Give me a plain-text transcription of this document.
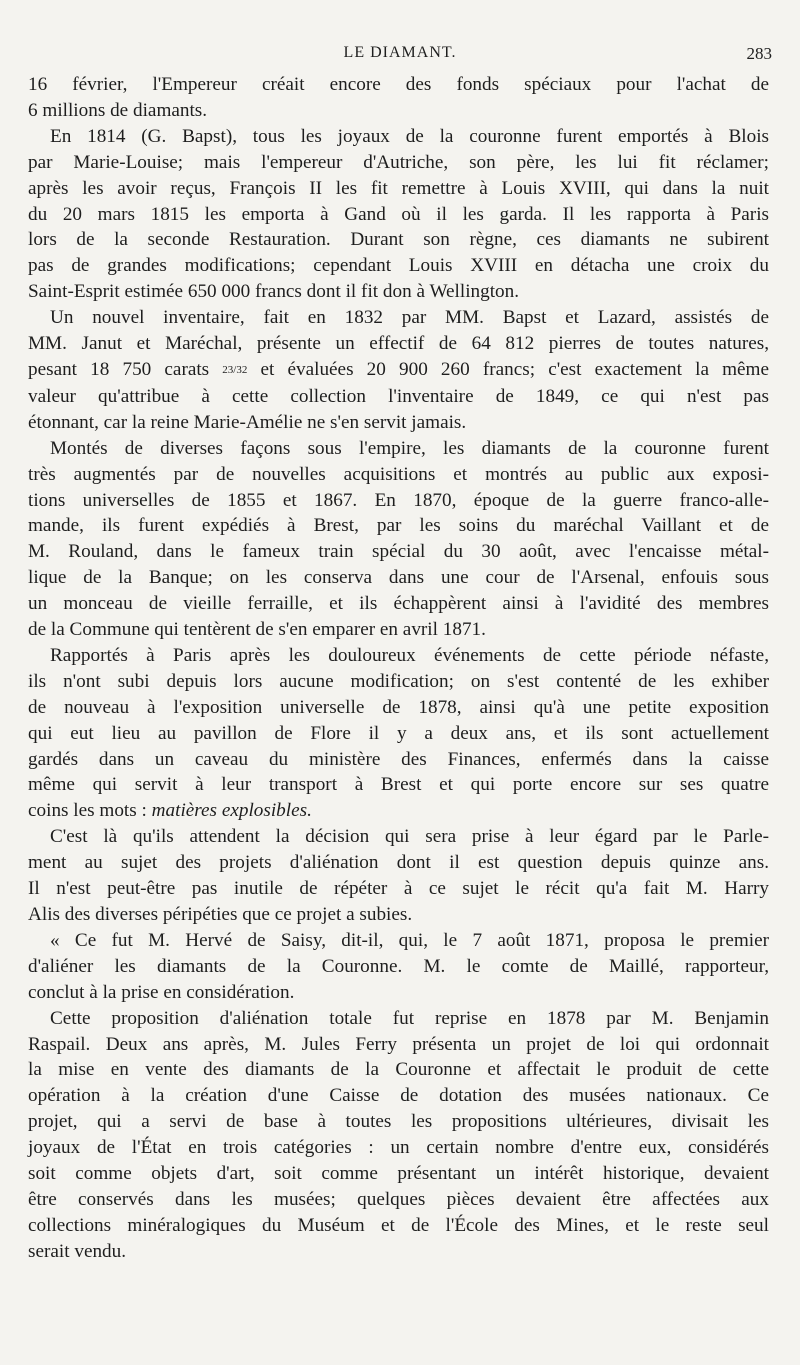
LE DIAMANT.	283
16 février, l'Empereur créait encore des fonds spéciaux pour l'achat de
6 millions de diamants.
En 1814 (G. Bapst), tous les joyaux de la couronne furent emportés à Blois
par Marie-Louise; mais l'empereur d'Autriche, son père, les lui fit réclamer;
après les avoir reçus, François II les fit remettre à Louis XVIII, qui dans la nuit
du 20 mars 1815 les emporta à Gand où il les garda. Il les rapporta à Paris
lors de la seconde Restauration. Durant son règne, ces diamants ne subirent
pas de grandes modifications; cependant Louis XVIII en détacha une croix du
Saint-Esprit estimée 650 000 francs dont il fit don à Wellington.
Un nouvel inventaire, fait en 1832 par MM. Bapst et Lazard, assistés de
MM. Janut et Maréchal, présente un effectif de 64 812 pierres de toutes natures,
pesant 18 750 carats 23/32 et évaluées 20 900 260 francs; c'est exactement la même
valeur qu'attribue à cette collection l'inventaire de 1849, ce qui n'est pas
étonnant, car la reine Marie-Amélie ne s'en servit jamais.
Montés de diverses façons sous l'empire, les diamants de la couronne furent
très augmentés par de nouvelles acquisitions et montrés au public aux exposi-
tions universelles de 1855 et 1867. En 1870, époque de la guerre franco-alle-
mande, ils furent expédiés à Brest, par les soins du maréchal Vaillant et de
M. Rouland, dans le fameux train spécial du 30 août, avec l'encaisse métal-
lique de la Banque; on les conserva dans une cour de l'Arsenal, enfouis sous
un monceau de vieille ferraille, et ils échappèrent ainsi à l'avidité des membres
de la Commune qui tentèrent de s'en emparer en avril 1871.
Rapportés à Paris après les douloureux événements de cette période néfaste,
ils n'ont subi depuis lors aucune modification; on s'est contenté de les exhiber
de nouveau à l'exposition universelle de 1878, ainsi qu'à une petite exposition
qui eut lieu au pavillon de Flore il y a deux ans, et ils sont actuellement
gardés dans un caveau du ministère des Finances, enfermés dans la caisse
même qui servit à leur transport à Brest et qui porte encore sur ses quatre
coins les mots : matières explosibles.
C'est là qu'ils attendent la décision qui sera prise à leur égard par le Parle-
ment au sujet des projets d'aliénation dont il est question depuis quinze ans.
Il n'est peut-être pas inutile de répéter à ce sujet le récit qu'a fait M. Harry
Alis des diverses péripéties que ce projet a subies.
« Ce fut M. Hervé de Saisy, dit-il, qui, le 7 août 1871, proposa le premier
d'aliéner les diamants de la Couronne. M. le comte de Maillé, rapporteur,
conclut à la prise en considération.
Cette proposition d'aliénation totale fut reprise en 1878 par M. Benjamin
Raspail. Deux ans après, M. Jules Ferry présenta un projet de loi qui ordonnait
la mise en vente des diamants de la Couronne et affectait le produit de cette
opération à la création d'une Caisse de dotation des musées nationaux. Ce
projet, qui a servi de base à toutes les propositions ultérieures, divisait les
joyaux de l'État en trois catégories : un certain nombre d'entre eux, considérés
soit comme objets d'art, soit comme présentant un intérêt historique, devaient
être conservés dans les musées; quelques pièces devaient être affectées aux
collections minéralogiques du Muséum et de l'École des Mines, et le reste seul
serait vendu.
